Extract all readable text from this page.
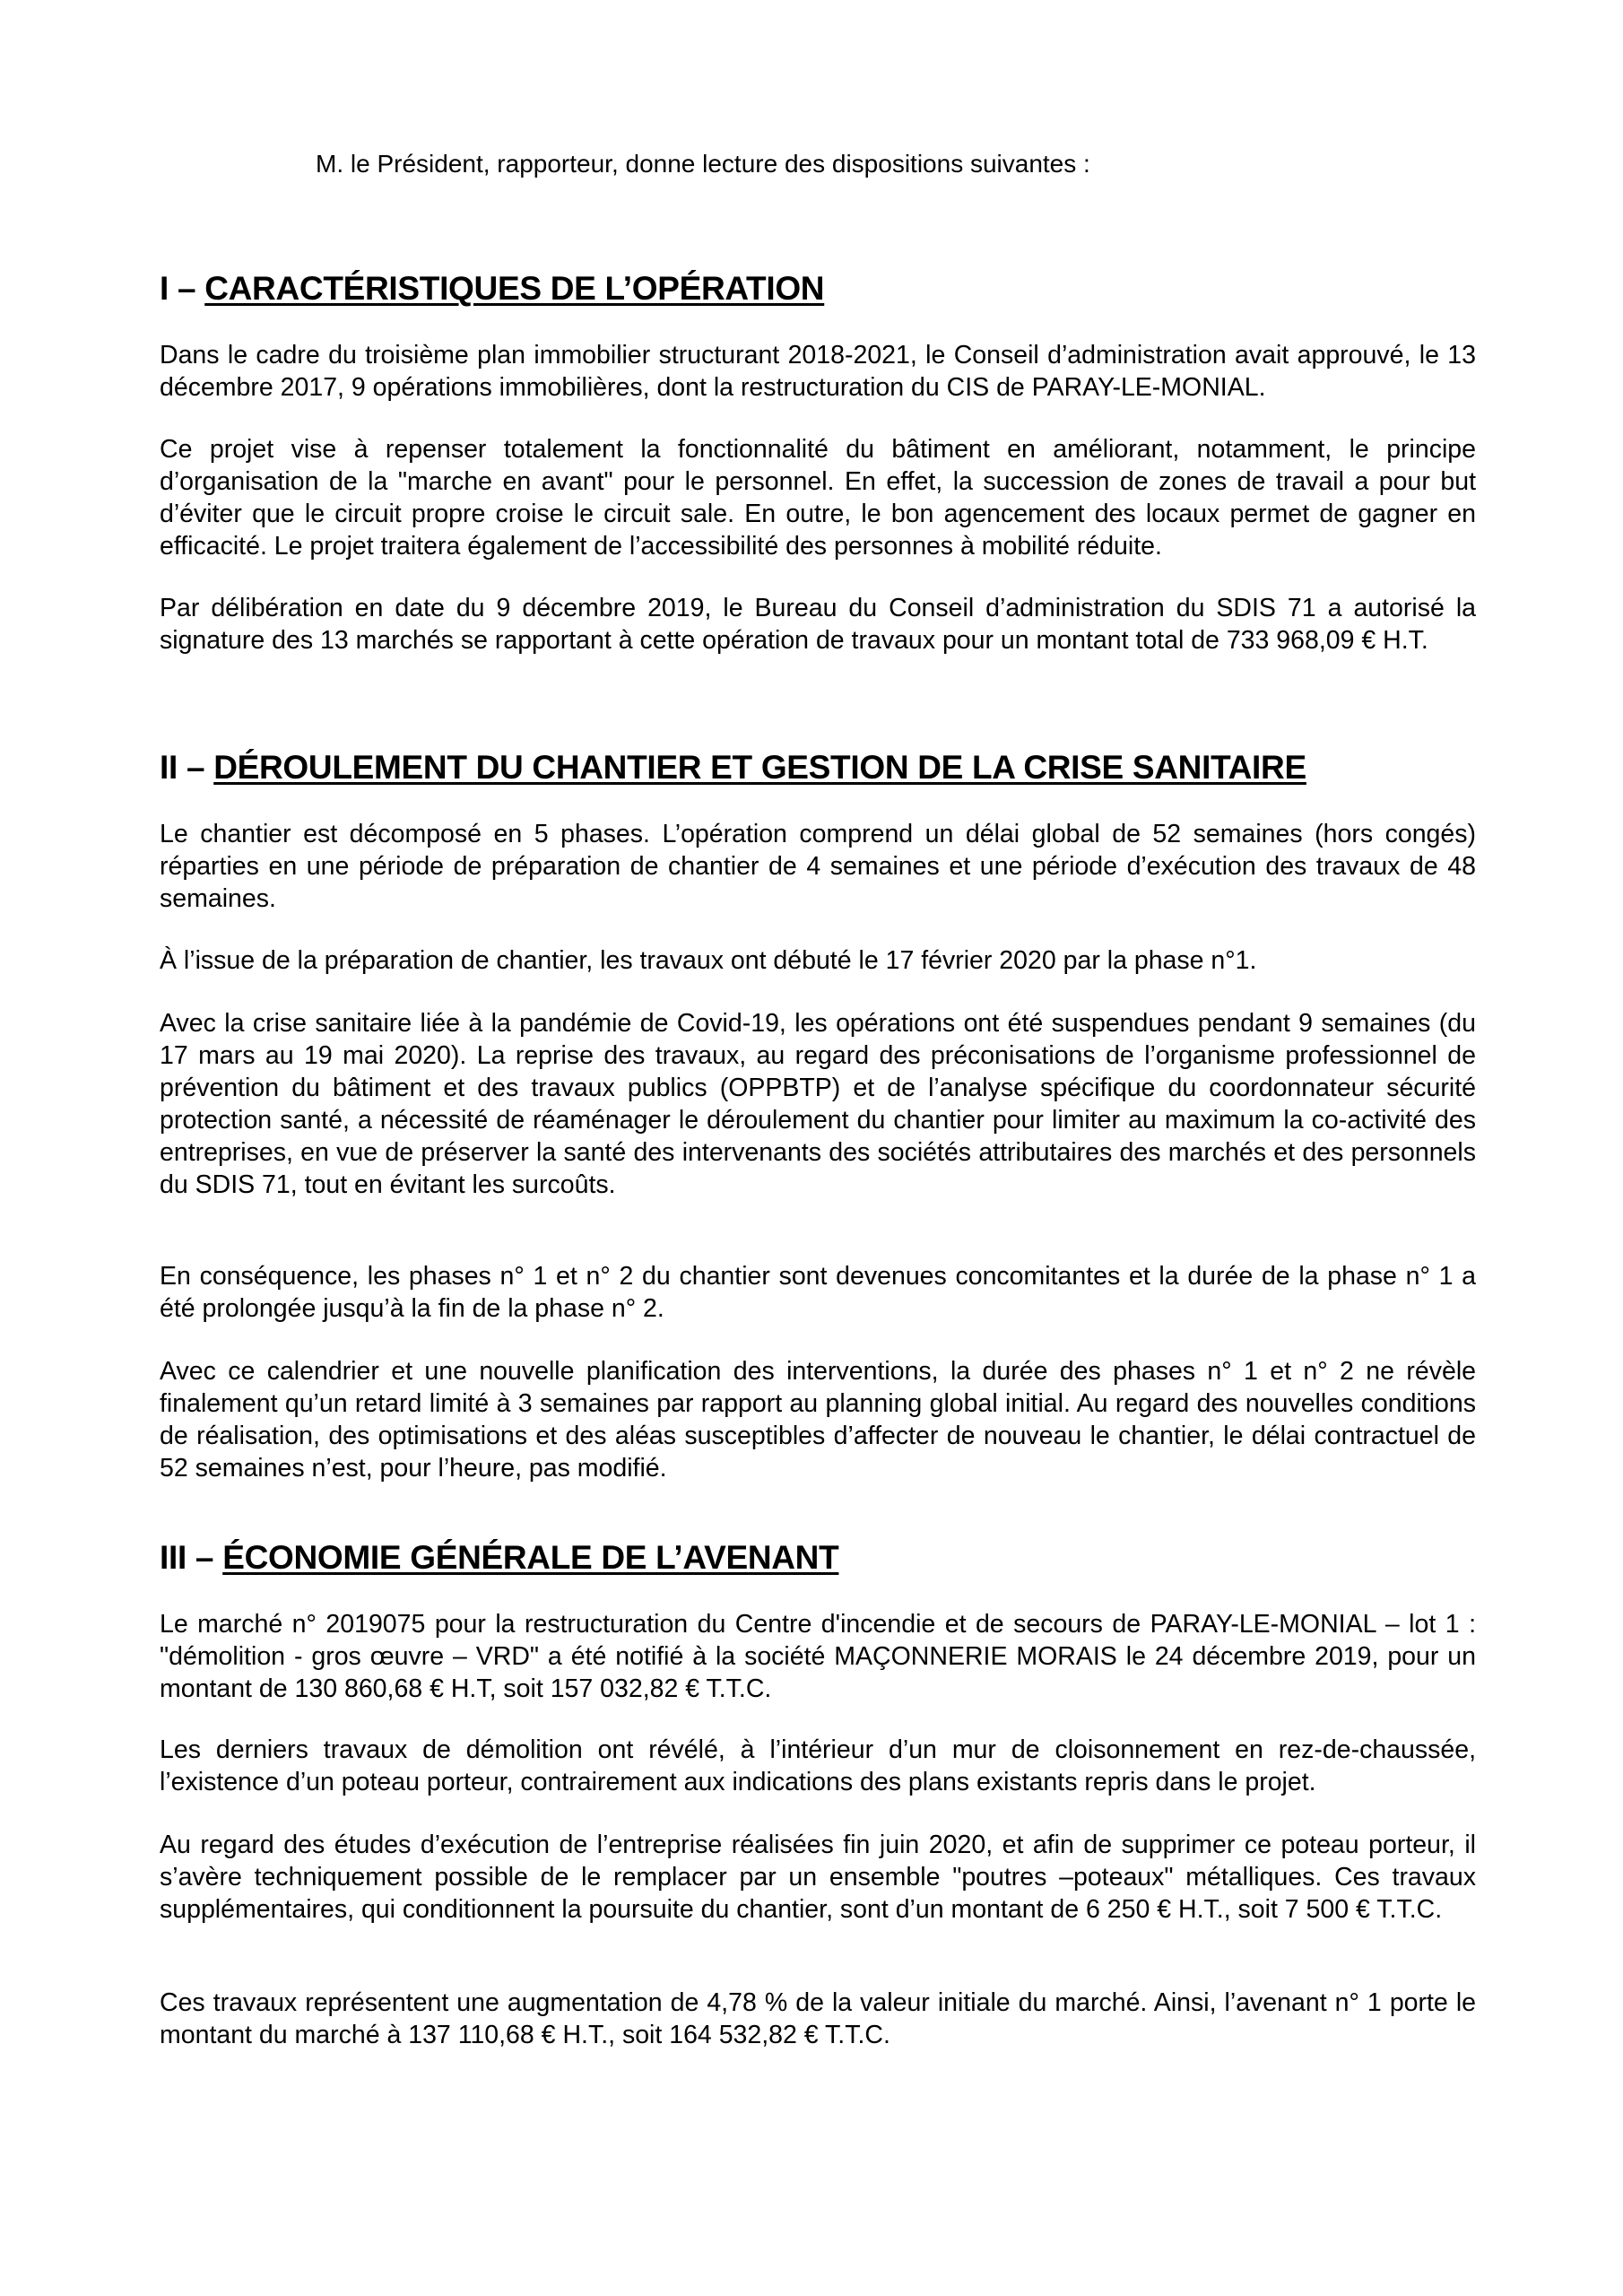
M. le Président, rapporteur, donne lecture des dispositions suivantes :

I – CARACTÉRISTIQUES DE L’OPÉRATION

Dans le cadre du troisième plan immobilier structurant 2018-2021, le Conseil d’administration avait approuvé, le 13 décembre 2017, 9 opérations immobilières, dont la restructuration du CIS de PARAY-LE-MONIAL.

Ce projet vise à repenser totalement la fonctionnalité du bâtiment en améliorant, notamment, le principe d’organisation de la "marche en avant" pour le personnel. En effet, la succession de zones de travail a pour but d’éviter que le circuit propre croise le circuit sale. En outre, le bon agencement des locaux permet de gagner en efficacité. Le projet traitera également de l’accessibilité des personnes à mobilité réduite.

Par délibération en date du 9 décembre 2019, le Bureau du Conseil d’administration du SDIS 71 a autorisé la signature des 13 marchés se rapportant à cette opération de travaux pour un montant total de 733 968,09 € H.T.

II – DÉROULEMENT DU CHANTIER ET GESTION DE LA CRISE SANITAIRE

Le chantier est décomposé en 5 phases. L’opération comprend un délai global de 52 semaines (hors congés) réparties en une période de préparation de chantier de 4 semaines et une période d’exécution des travaux de 48 semaines.

À l’issue de la préparation de chantier, les travaux ont débuté le 17 février 2020 par la phase n°1.

Avec la crise sanitaire liée à la pandémie de Covid-19, les opérations ont été suspendues pendant 9 semaines (du 17 mars au 19 mai 2020). La reprise des travaux, au regard des préconisations de l’organisme professionnel de prévention du bâtiment et des travaux publics (OPPBTP) et de l’analyse spécifique du coordonnateur sécurité protection santé, a nécessité de réaménager le déroulement du chantier pour limiter au maximum la co-activité des entreprises, en vue de préserver la santé des intervenants des sociétés attributaires des marchés et des personnels du SDIS 71, tout en évitant les surcoûts.

En conséquence, les phases n° 1 et n° 2 du chantier sont devenues concomitantes et la durée de la phase n° 1 a été prolongée jusqu’à la fin de la phase n° 2.

Avec ce calendrier et une nouvelle planification des interventions, la durée des phases n° 1 et n° 2 ne révèle finalement qu’un retard limité à 3 semaines par rapport au planning global initial. Au regard des nouvelles conditions de réalisation, des optimisations et des aléas susceptibles d’affecter de nouveau le chantier, le délai contractuel de 52 semaines n’est, pour l’heure, pas modifié.

III – ÉCONOMIE GÉNÉRALE DE L’AVENANT

Le marché n° 2019075 pour la restructuration du Centre d'incendie et de secours de PARAY-LE-MONIAL – lot 1 : "démolition - gros œuvre – VRD" a été notifié à la société MAÇONNERIE MORAIS le 24 décembre 2019, pour un montant de 130 860,68 € H.T, soit 157 032,82 € T.T.C.

Les derniers travaux de démolition ont révélé, à l’intérieur d’un mur de cloisonnement en rez-de-chaussée, l’existence d’un poteau porteur, contrairement aux indications des plans existants repris dans le projet.

Au regard des études d’exécution de l’entreprise réalisées fin juin 2020, et afin de supprimer ce poteau porteur, il s’avère techniquement possible de le remplacer par un ensemble "poutres –poteaux" métalliques. Ces travaux supplémentaires, qui conditionnent la poursuite du chantier, sont d’un montant de 6 250 € H.T., soit 7 500 € T.T.C.

Ces travaux représentent une augmentation de 4,78 % de la valeur initiale du marché. Ainsi, l’avenant n° 1 porte le montant du marché à 137 110,68 € H.T., soit 164 532,82 € T.T.C.
